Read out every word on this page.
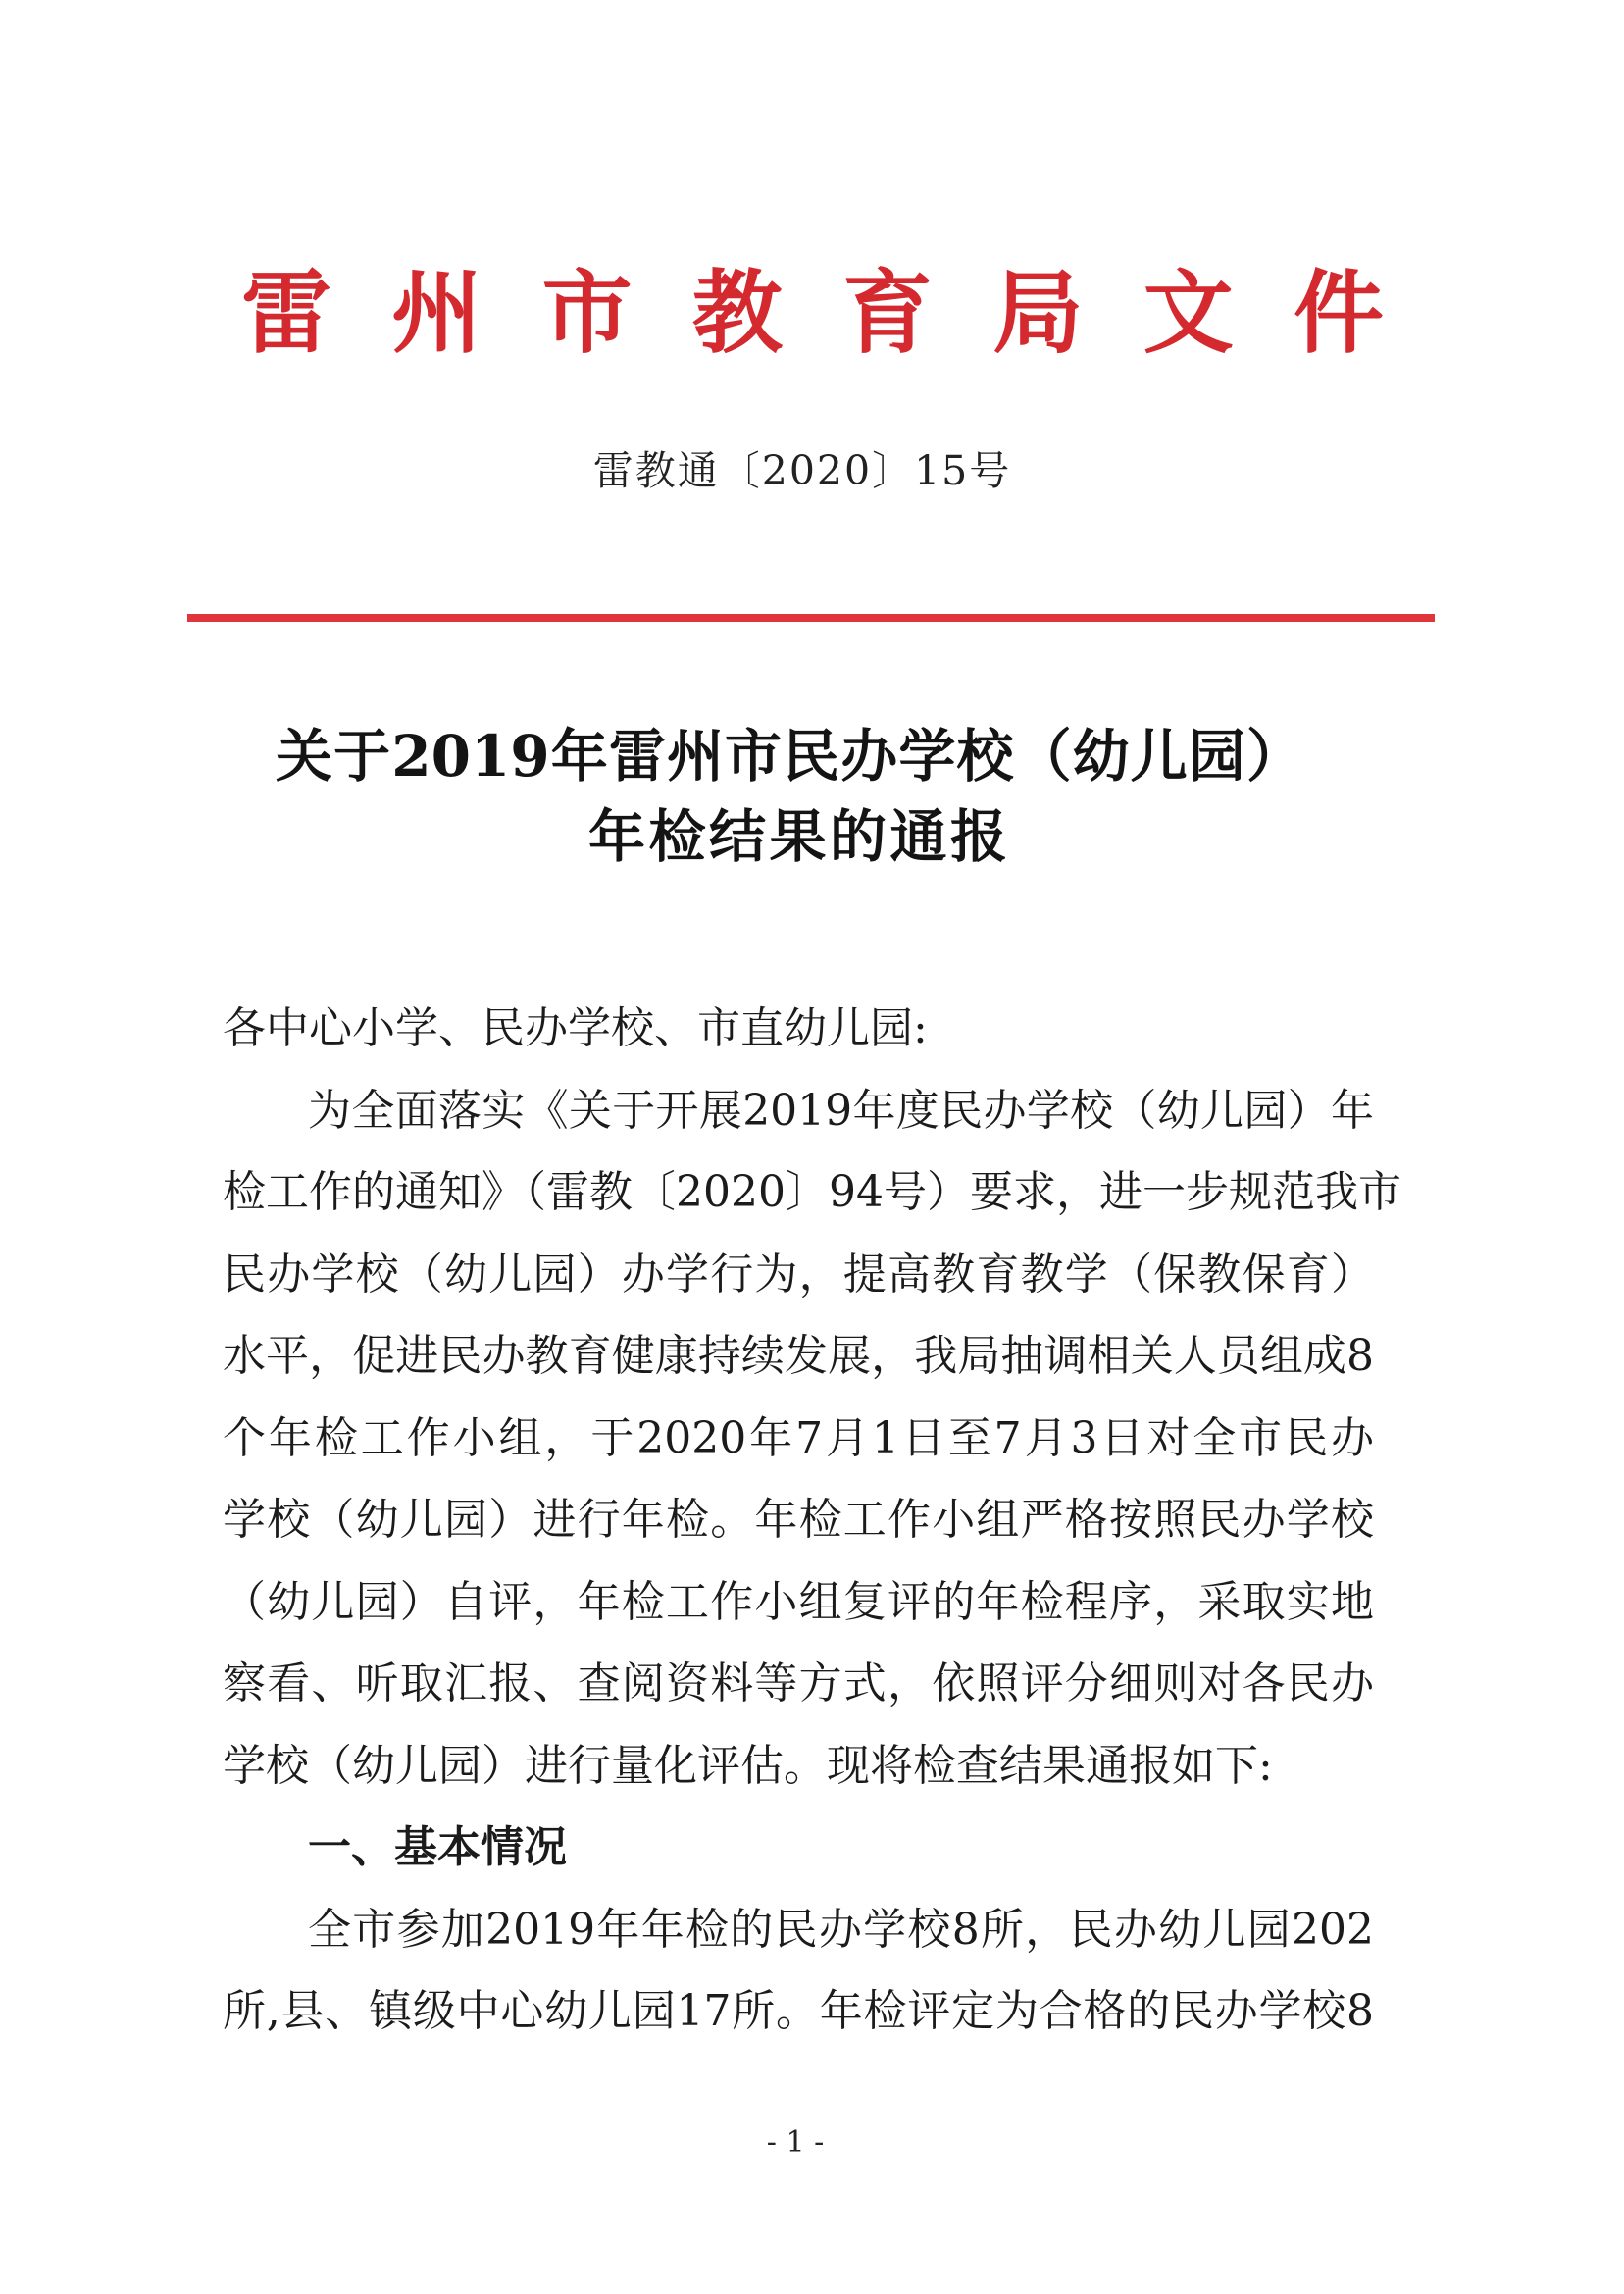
雷州市教育局文件
雷教通〔2020〕15号
关于2019年雷州市民办学校（幼儿园）
年检结果的通报
各中心小学、民办学校、市直幼儿园:
为全面落实《关于开展2019年度民办学校（幼儿园）年
检工作的通知》（雷教〔2020〕94号）要求，进一步规范我市
民办学校（幼儿园）办学行为，提高教育教学（保教保育）
水平，促进民办教育健康持续发展，我局抽调相关人员组成8
个年检工作小组，于2020年7月1日至7月3日对全市民办
学校（幼儿园）进行年检。年检工作小组严格按照民办学校
（幼儿园）自评，年检工作小组复评的年检程序，采取实地
察看、听取汇报、查阅资料等方式，依照评分细则对各民办
学校（幼儿园）进行量化评估。现将检查结果通报如下:
一、基本情况
全市参加2019年年检的民办学校8所，民办幼儿园202
所,县、镇级中心幼儿园17所。年检评定为合格的民办学校8
- 1 -
